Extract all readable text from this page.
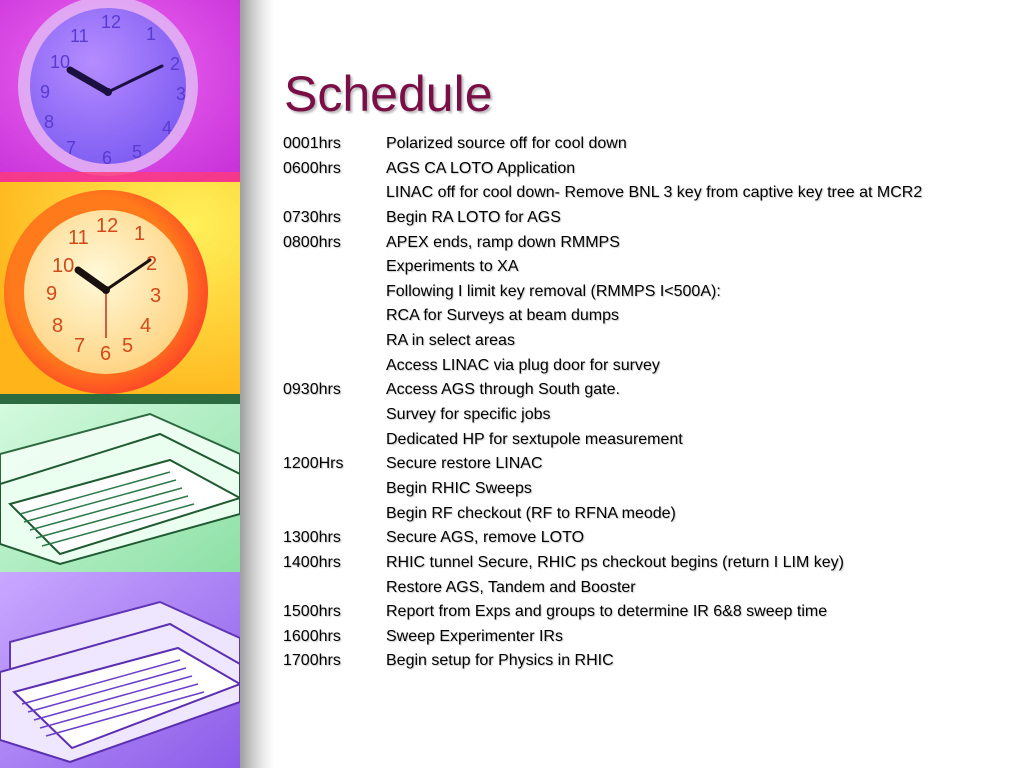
12
1
2
3
4
5
6
7
8
9
10
11
12 1
2
3
4
5
6
7
8
9
10
11
Schedule
0001hrs	Polarized source off for cool down
0600hrs	AGS CA LOTO Application
LINAC off for cool down- Remove BNL 3 key from captive key tree at MCR2
0730hrs	Begin RA LOTO for AGS
0800hrs	APEX ends, ramp down RMMPS
Experiments to XA
Following I limit key removal (RMMPS I<500A):
RCA for Surveys at beam dumps
RA in select areas
Access LINAC via plug door for survey
0930hrs	Access AGS through South gate.
Survey for specific jobs
Dedicated HP for sextupole measurement
1200Hrs	Secure restore LINAC
Begin RHIC Sweeps
Begin RF checkout (RF to RFNA meode)
1300hrs	Secure AGS, remove LOTO
1400hrs	RHIC tunnel Secure, RHIC ps checkout begins (return I LIM key)
Restore AGS, Tandem and Booster
1500hrs	Report from Exps and groups to determine IR 6&8 sweep time
1600hrs	Sweep Experimenter IRs
1700hrs	Begin setup for Physics in RHIC
